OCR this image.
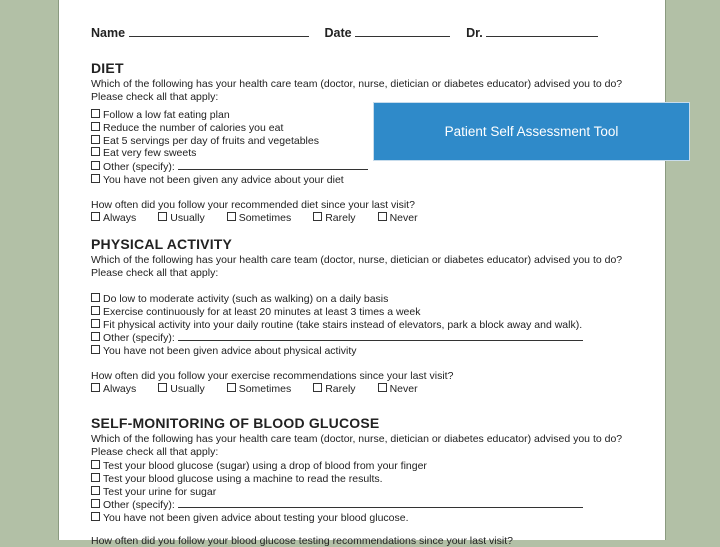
Name	Date	Dr.
DIET

Which of the following has your health care team (doctor, nurse, dietician or diabetes educator) advised you to do? Please check all that apply:

Follow a low fat eating plan
Reduce the number of calories you eat
Eat 5 servings per day of fruits and vegetables
Eat very few sweets
Other (specify):
You have not been given any advice about your diet

How often did you follow your recommended diet since your last visit?

Always	Usually	Sometimes	Rarely	Never
PHYSICAL ACTIVITY

Which of the following has your health care team (doctor, nurse, dietician or diabetes educator) advised you to do? Please check all that apply:

Do low to moderate activity (such as walking) on a daily basis
Exercise continuously for at least 20 minutes at least 3 times a week
Fit physical activity into your daily routine (take stairs instead of elevators, park a block away and walk).
Other (specify):
You have not been given advice about physical activity

How often did you follow your exercise recommendations since your last visit?

Always	Usually	Sometimes	Rarely	Never
SELF-MONITORING OF BLOOD GLUCOSE

Which of the following has your health care team (doctor, nurse, dietician or diabetes educator) advised you to do? Please check all that apply:

Test your blood glucose (sugar) using a drop of blood from your finger
Test your blood glucose using a machine to read the results.
Test your urine for sugar
Other (specify):
You have not been given advice about testing your blood glucose.

How often did you follow your blood glucose testing recommendations since your last visit?

Patient Self Assessment Tool
